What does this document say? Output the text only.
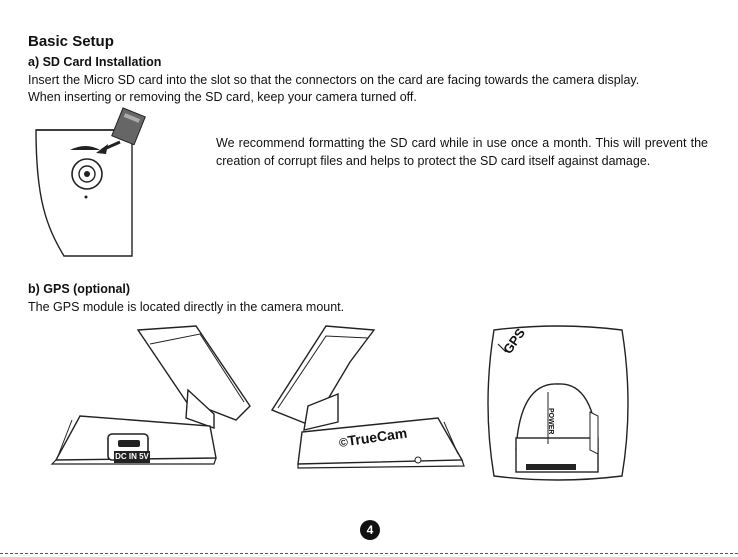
Basic Setup
a) SD Card Installation
Insert the Micro SD card into the slot so that the connectors on the card are facing towards the camera display.
When inserting or removing the SD card, keep your camera turned off.
We recommend formatting the SD card while in use once a month. This will prevent the creation of corrupt files and helps to protect the SD card itself against damage.
b) GPS (optional)
The GPS module is located directly in the camera mount.
DC IN 5V
©TrueCam
GPS
POWER
4
